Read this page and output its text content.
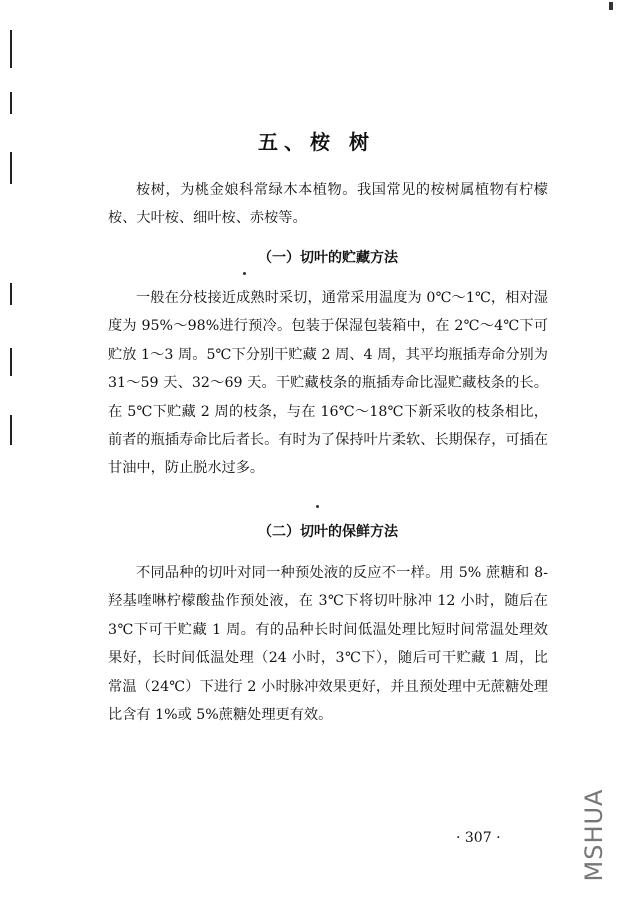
五、桉 树

桉树，为桃金娘科常绿木本植物。我国常见的桉树属植物有柠檬桉、大叶桉、细叶桉、赤桉等。

（一）切叶的贮藏方法

一般在分枝接近成熟时采切，通常采用温度为 0℃～1℃，相对湿度为 95%～98%进行预冷。包装于保湿包装箱中，在 2℃～4℃下可贮放 1～3 周。5℃下分别干贮藏 2 周、4 周，其平均瓶插寿命分别为 31～59 天、32～69 天。干贮藏枝条的瓶插寿命比湿贮藏枝条的长。在 5℃下贮藏 2 周的枝条，与在 16℃～18℃下新采收的枝条相比，前者的瓶插寿命比后者长。有时为了保持叶片柔软、长期保存，可插在甘油中，防止脱水过多。

（二）切叶的保鲜方法

不同品种的切叶对同一种预处液的反应不一样。用 5% 蔗糖和 8-羟基喹啉柠檬酸盐作预处液，在 3℃下将切叶脉冲 12 小时，随后在 3℃下可干贮藏 1 周。有的品种长时间低温处理比短时间常温处理效果好，长时间低温处理（24 小时，3℃下），随后可干贮藏 1 周，比常温（24℃）下进行 2 小时脉冲效果更好，并且预处理中无蔗糖处理比含有 1%或 5%蔗糖处理更有效。

· 307 ·	MSHUA
